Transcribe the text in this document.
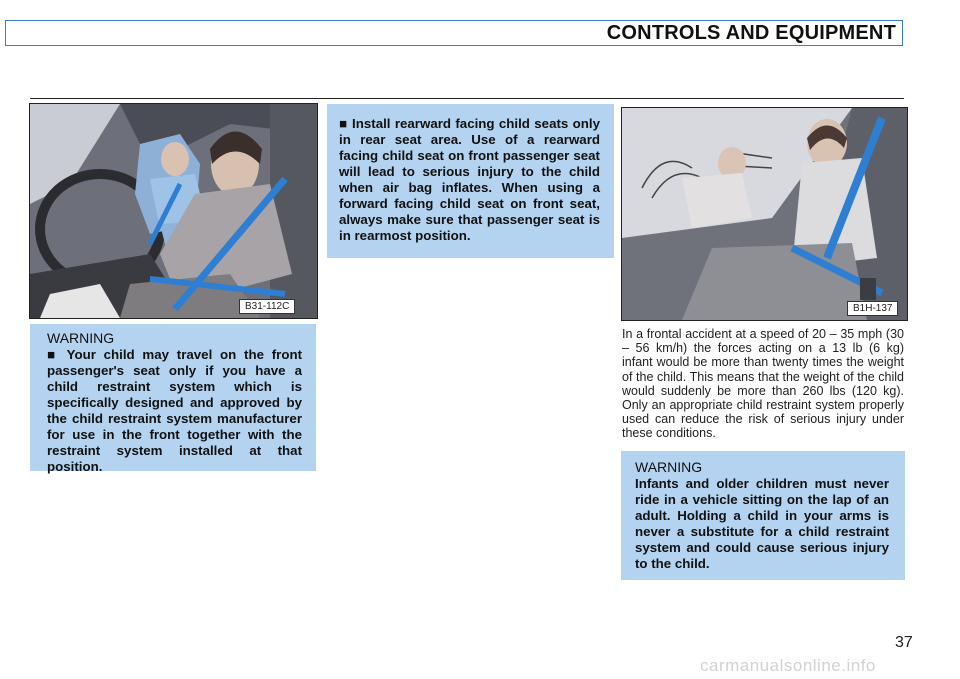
CONTROLS AND EQUIPMENT
B31-112C	B1H-137
WARNING
■ Your child may travel on the front passenger's seat only if you have a child restraint system which is specifically designed and approved by the child restraint system manufacturer for use in the front together with the restraint system installed at that position.
■ Install rearward facing child seats only in rear seat area. Use of a rearward facing child seat on front passenger seat will lead to serious injury to the child when air bag inflates. When using a forward facing child seat on front seat, always make sure that passenger seat is in rearmost position.
In a frontal accident at a speed of 20 – 35 mph (30 – 56 km/h) the forces acting on a 13 lb (6 kg) infant would be more than twenty times the weight of the child. This means that the weight of the child would suddenly be more than 260 lbs (120 kg). Only an appropriate child restraint system properly used can reduce the risk of serious injury under these conditions.
WARNING
Infants and older children must never ride in a vehicle sitting on the lap of an adult. Holding a child in your arms is never a substitute for a child restraint system and could cause serious injury to the child.
37
carmanualsonline.info
